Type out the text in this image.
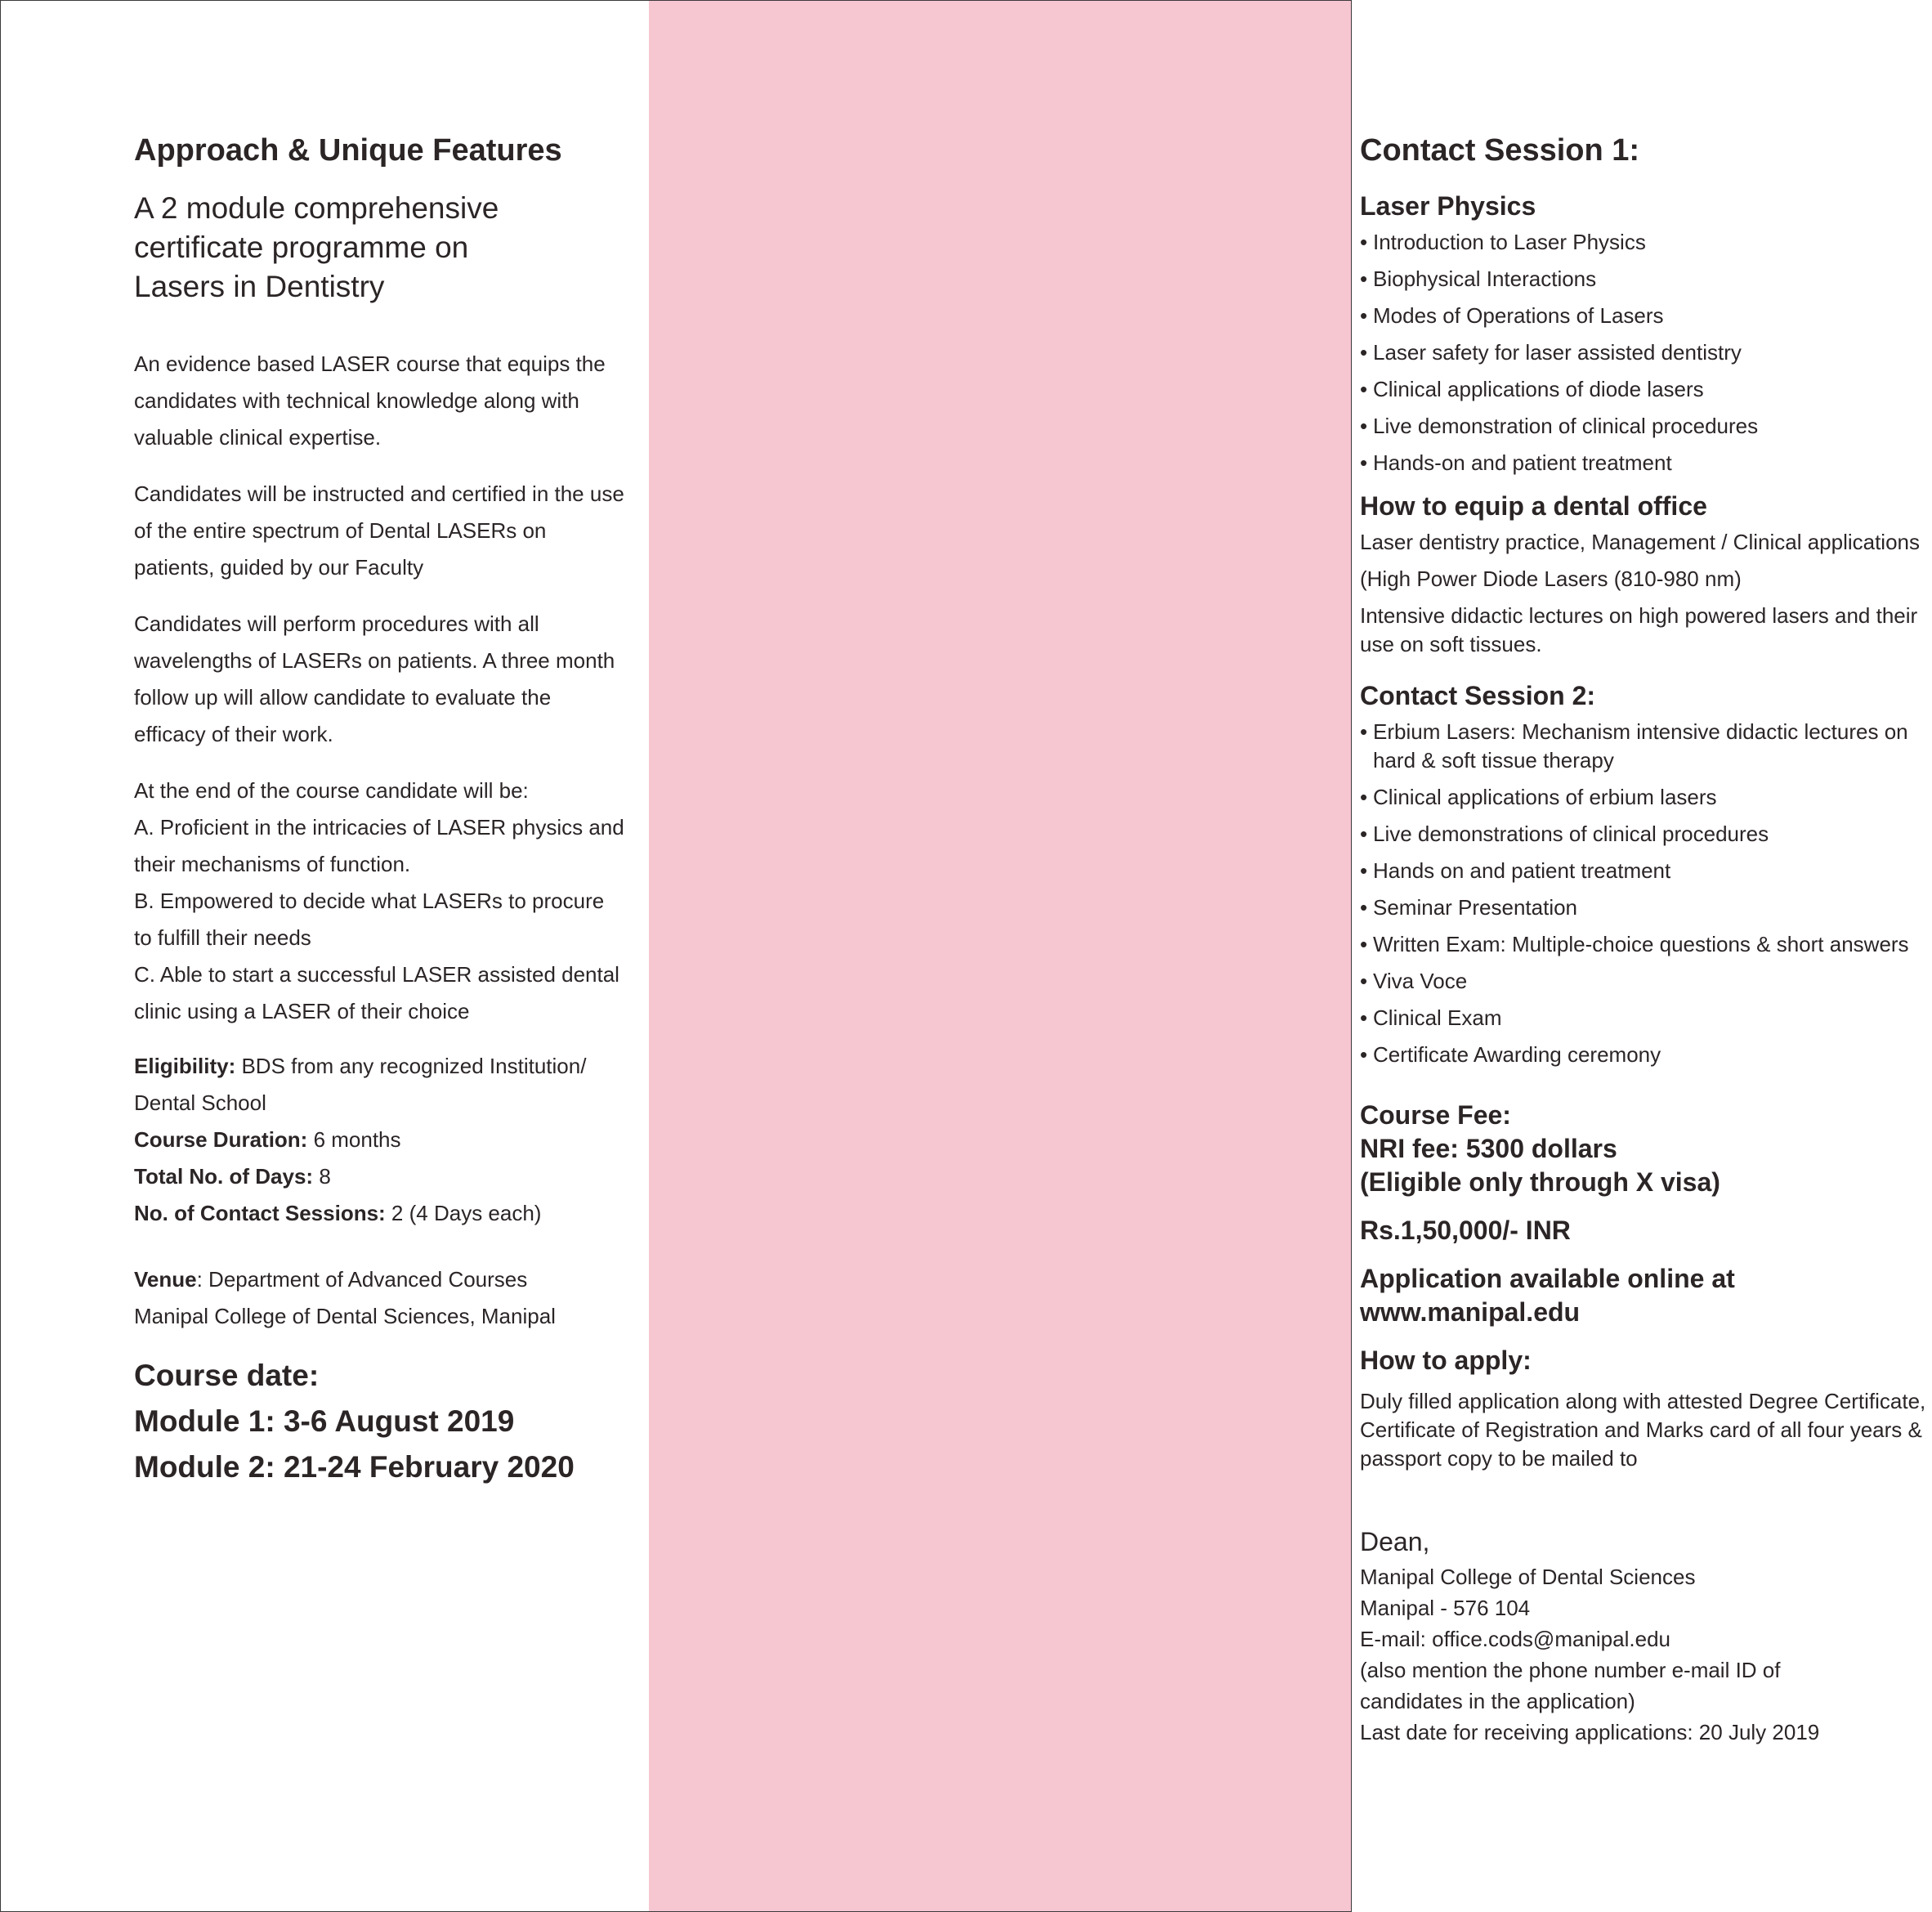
Approach & Unique Features
A 2 module comprehensive
certificate programme on
Lasers in Dentistry

An evidence based LASER course that equips the candidates with technical knowledge along with valuable clinical expertise.

Candidates will be instructed and certified in the use of the entire spectrum of Dental LASERs on patients, guided by our Faculty

Candidates will perform procedures with all wavelengths of LASERs on patients. A three month follow up will allow candidate to evaluate the efficacy of their work.

At the end of the course candidate will be:

A. Proficient in the intricacies of LASER physics and their mechanisms of function.

B. Empowered to decide what LASERs to procure to fulfill their needs

C. Able to start a successful LASER assisted dental clinic using a LASER of their choice

Eligibility: BDS from any recognized Institution/ Dental School
Course Duration: 6 months
Total No. of Days: 8
No. of Contact Sessions: 2 (4 Days each)
Venue: Department of Advanced Courses
Manipal College of Dental Sciences, Manipal
Course date:
Module 1: 3-6 August 2019
Module 2: 21-24 February 2020
Contact Session 1:
Laser Physics
• Introduction to Laser Physics
• Biophysical Interactions
• Modes of Operations of Lasers
• Laser safety for laser assisted dentistry
• Clinical applications of diode lasers
• Live demonstration of clinical procedures
• Hands-on and patient treatment
How to equip a dental office

Laser dentistry practice, Management / Clinical applications

(High Power Diode Lasers (810-980 nm)

Intensive didactic lectures on high powered lasers and their use on soft tissues.

Contact Session 2:
• Erbium Lasers: Mechanism intensive didactic lectures on hard & soft tissue therapy
• Clinical applications of erbium lasers
• Live demonstrations of clinical procedures
• Hands on and patient treatment
• Seminar Presentation
• Written Exam: Multiple-choice questions & short answers
• Viva Voce
• Clinical Exam
• Certificate Awarding ceremony
Course Fee:
NRI fee: 5300 dollars
(Eligible only through X visa)
Rs.1,50,000/- INR
Application available online at
www.manipal.edu
How to apply:

Duly filled application along with attested Degree Certificate, Certificate of Registration and Marks card of all four years & passport copy to be mailed to

Dean,

Manipal College of Dental Sciences

Manipal - 576 104

E-mail: office.cods@manipal.edu

(also mention the phone number e-mail ID of

candidates in the application)

Last date for receiving applications: 20 July 2019
